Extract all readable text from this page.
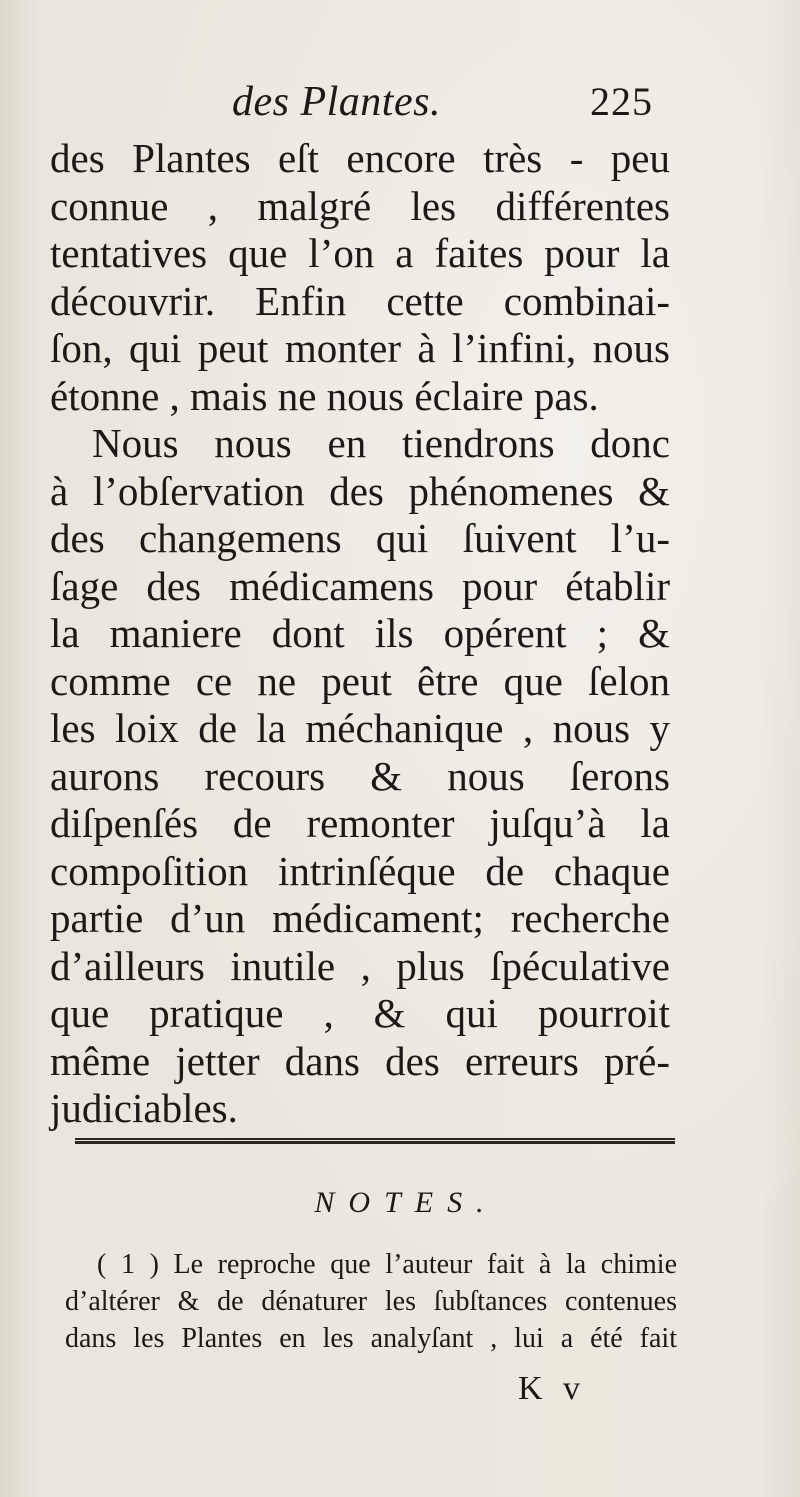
des Plantes.	225
des Plantes eſt encore très - peu
connue , malgré les différentes
tentatives que l’on a faites pour la
découvrir. Enfin cette combinai-
ſon, qui peut monter à l’infini, nous
étonne , mais ne nous éclaire pas.
Nous nous en tiendrons donc
à l’obſervation des phénomenes &
des changemens qui ſuivent l’u-
ſage des médicamens pour établir
la maniere dont ils opérent ; &
comme ce ne peut être que ſelon
les loix de la méchanique , nous y
aurons recours & nous ſerons
diſpenſés de remonter juſqu’à la
compoſition intrinſéque de chaque
partie d’un médicament; recherche
d’ailleurs inutile , plus ſpéculative
que pratique , & qui pourroit
même jetter dans des erreurs pré-
judiciables.
NOTES.
( 1 ) Le reproche que l’auteur fait à la chimie
d’altérer & de dénaturer les ſubſtances contenues
dans les Plantes en les analyſant , lui a été fait
K v
